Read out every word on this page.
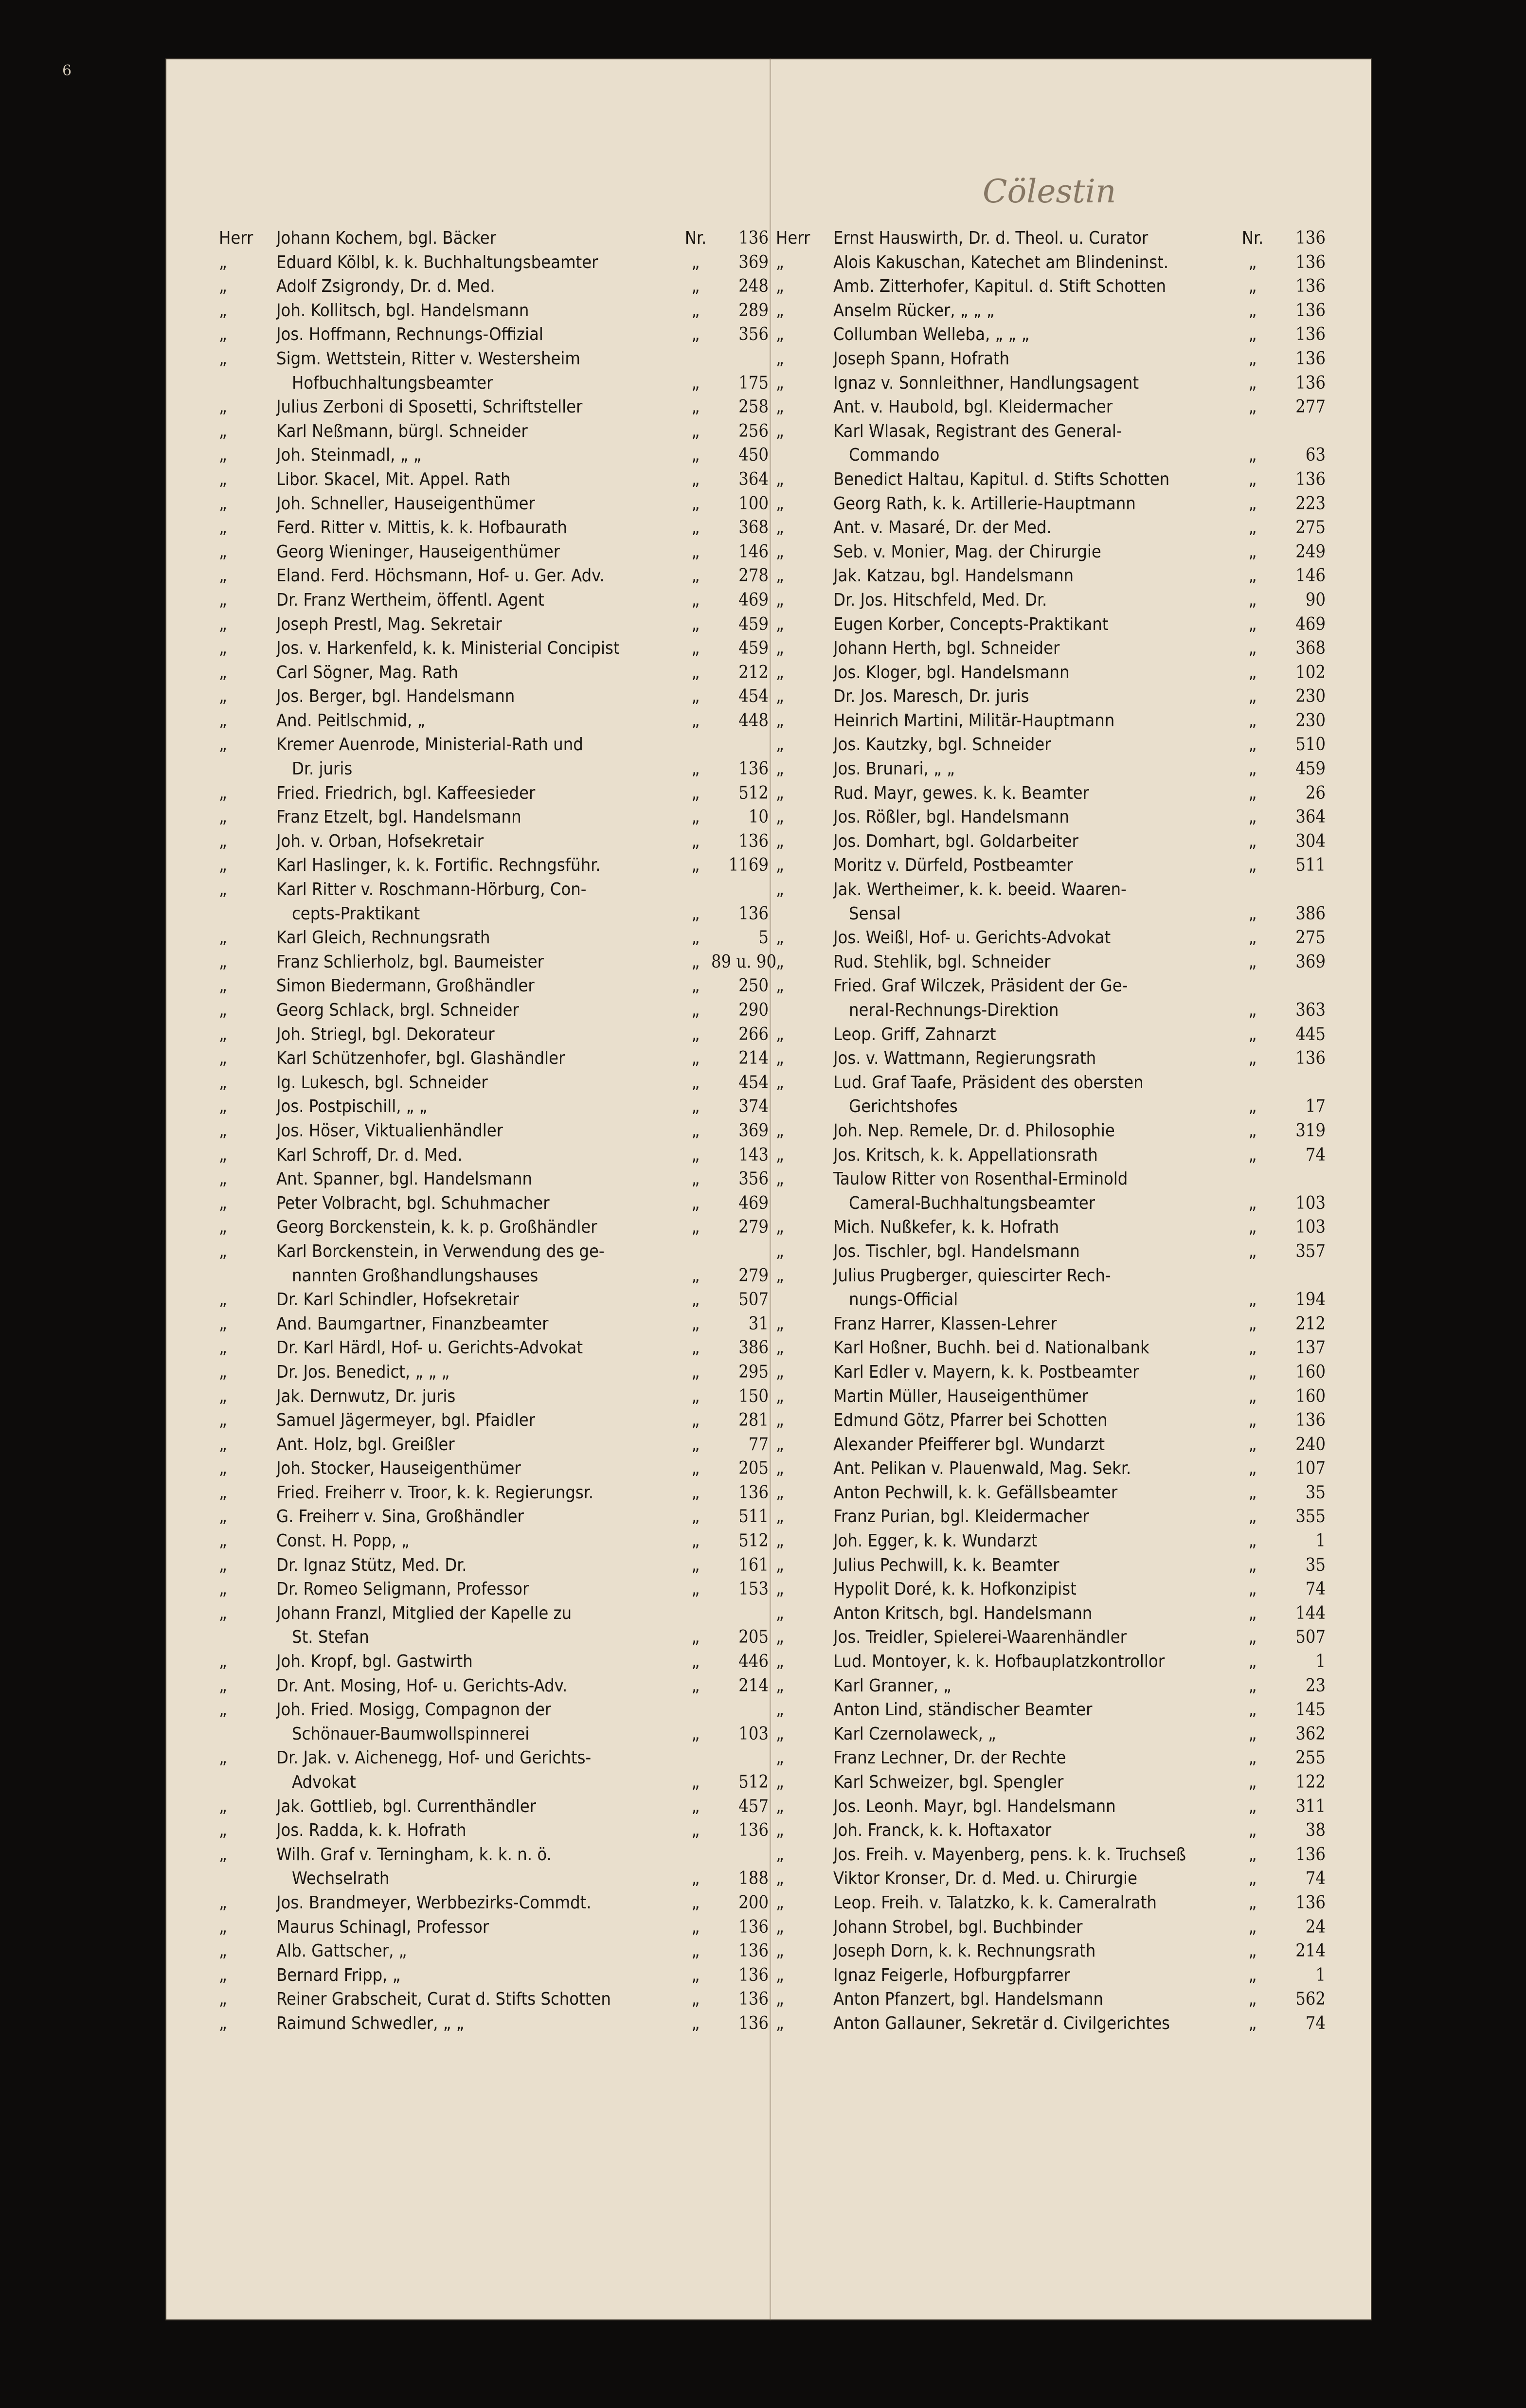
6
Cölestin
Herr	Johann Kochem, bgl. Bäcker	Nr.	136
„	Eduard Kölbl, k. k. Buchhaltungsbeamter	„	369
„	Adolf Zsigrondy, Dr. d. Med.	„	248
„	Joh. Kollitsch, bgl. Handelsmann	„	289
„	Jos. Hoffmann, Rechnungs-Offizial	„	356
„	Sigm. Wettstein, Ritter v. Westersheim
Hofbuchhaltungsbeamter	„	175
„	Julius Zerboni di Sposetti, Schriftsteller	„	258
„	Karl Neßmann, bürgl. Schneider	„	256
„	Joh. Steinmadl, „ „	„	450
„	Libor. Skacel, Mit. Appel. Rath	„	364
„	Joh. Schneller, Hauseigenthümer	„	100
„	Ferd. Ritter v. Mittis, k. k. Hofbaurath	„	368
„	Georg Wieninger, Hauseigenthümer	„	146
„	Eland. Ferd. Höchsmann, Hof- u. Ger. Adv.	„	278
„	Dr. Franz Wertheim, öffentl. Agent	„	469
„	Joseph Prestl, Mag. Sekretair	„	459
„	Jos. v. Harkenfeld, k. k. Ministerial Concipist	„	459
„	Carl Sögner, Mag. Rath	„	212
„	Jos. Berger, bgl. Handelsmann	„	454
„	And. Peitlschmid, „	„	448
„	Kremer Auenrode, Ministerial-Rath und
Dr. juris	„	136
„	Fried. Friedrich, bgl. Kaffeesieder	„	512
„	Franz Etzelt, bgl. Handelsmann	„	10
„	Joh. v. Orban, Hofsekretair	„	136
„	Karl Haslinger, k. k. Fortific. Rechngsführ.	„	1169
„	Karl Ritter v. Roschmann-Hörburg, Con-
cepts-Praktikant	„	136
„	Karl Gleich, Rechnungsrath	„	5
„	Franz Schlierholz, bgl. Baumeister	„ 89 u. 90
„	Simon Biedermann, Großhändler	„	250
„	Georg Schlack, brgl. Schneider	„	290
„	Joh. Striegl, bgl. Dekorateur	„	266
„	Karl Schützenhofer, bgl. Glashändler	„	214
„	Ig. Lukesch, bgl. Schneider	„	454
„	Jos. Postpischill, „ „	„	374
„	Jos. Höser, Viktualienhändler	„	369
„	Karl Schroff, Dr. d. Med.	„	143
„	Ant. Spanner, bgl. Handelsmann	„	356
„	Peter Volbracht, bgl. Schuhmacher	„	469
„	Georg Borckenstein, k. k. p. Großhändler	„	279
„	Karl Borckenstein, in Verwendung des ge-
nannten Großhandlungshauses	„	279
„	Dr. Karl Schindler, Hofsekretair	„	507
„	And. Baumgartner, Finanzbeamter	„	31
„	Dr. Karl Härdl, Hof- u. Gerichts-Advokat	„	386
„	Dr. Jos. Benedict, „ „ „	„	295
„	Jak. Dernwutz, Dr. juris	„	150
„	Samuel Jägermeyer, bgl. Pfaidler	„	281
„	Ant. Holz, bgl. Greißler	„	77
„	Joh. Stocker, Hauseigenthümer	„	205
„	Fried. Freiherr v. Troor, k. k. Regierungsr.	„	136
„	G. Freiherr v. Sina, Großhändler	„	511
„	Const. H. Popp, „	„	512
„	Dr. Ignaz Stütz, Med. Dr.	„	161
„	Dr. Romeo Seligmann, Professor	„	153
„	Johann Franzl, Mitglied der Kapelle zu
St. Stefan	„	205
„	Joh. Kropf, bgl. Gastwirth	„	446
„	Dr. Ant. Mosing, Hof- u. Gerichts-Adv.	„	214
„	Joh. Fried. Mosigg, Compagnon der
Schönauer-Baumwollspinnerei	„	103
„	Dr. Jak. v. Aichenegg, Hof- und Gerichts-
Advokat	„	512
„	Jak. Gottlieb, bgl. Currenthändler	„	457
„	Jos. Radda, k. k. Hofrath	„	136
„	Wilh. Graf v. Terningham, k. k. n. ö.
Wechselrath	„	188
„	Jos. Brandmeyer, Werbbezirks-Commdt.	„	200
„	Maurus Schinagl, Professor	„	136
„	Alb. Gattscher, „	„	136
„	Bernard Fripp, „	„	136
„	Reiner Grabscheit, Curat d. Stifts Schotten	„	136
„	Raimund Schwedler, „ „	„	136
Herr	Ernst Hauswirth, Dr. d. Theol. u. Curator	Nr.	136
„	Alois Kakuschan, Katechet am Blindeninst.	„	136
„	Amb. Zitterhofer, Kapitul. d. Stift Schotten	„	136
„	Anselm Rücker, „ „ „	„	136
„	Collumban Welleba, „ „ „	„	136
„	Joseph Spann, Hofrath	„	136
„	Ignaz v. Sonnleithner, Handlungsagent	„	136
„	Ant. v. Haubold, bgl. Kleidermacher	„	277
„	Karl Wlasak, Registrant des General-
Commando	„	63
„	Benedict Haltau, Kapitul. d. Stifts Schotten	„	136
„	Georg Rath, k. k. Artillerie-Hauptmann	„	223
„	Ant. v. Masaré, Dr. der Med.	„	275
„	Seb. v. Monier, Mag. der Chirurgie	„	249
„	Jak. Katzau, bgl. Handelsmann	„	146
„	Dr. Jos. Hitschfeld, Med. Dr.	„	90
„	Eugen Korber, Concepts-Praktikant	„	469
„	Johann Herth, bgl. Schneider	„	368
„	Jos. Kloger, bgl. Handelsmann	„	102
„	Dr. Jos. Maresch, Dr. juris	„	230
„	Heinrich Martini, Militär-Hauptmann	„	230
„	Jos. Kautzky, bgl. Schneider	„	510
„	Jos. Brunari, „ „	„	459
„	Rud. Mayr, gewes. k. k. Beamter	„	26
„	Jos. Rößler, bgl. Handelsmann	„	364
„	Jos. Domhart, bgl. Goldarbeiter	„	304
„	Moritz v. Dürfeld, Postbeamter	„	511
„	Jak. Wertheimer, k. k. beeid. Waaren-
Sensal	„	386
„	Jos. Weißl, Hof- u. Gerichts-Advokat	„	275
„	Rud. Stehlik, bgl. Schneider	„	369
„	Fried. Graf Wilczek, Präsident der Ge-
neral-Rechnungs-Direktion	„	363
„	Leop. Griff, Zahnarzt	„	445
„	Jos. v. Wattmann, Regierungsrath	„	136
„	Lud. Graf Taafe, Präsident des obersten
Gerichtshofes	„	17
„	Joh. Nep. Remele, Dr. d. Philosophie	„	319
„	Jos. Kritsch, k. k. Appellationsrath	„	74
„	Taulow Ritter von Rosenthal-Erminold
Cameral-Buchhaltungsbeamter	„	103
„	Mich. Nußkefer, k. k. Hofrath	„	103
„	Jos. Tischler, bgl. Handelsmann	„	357
„	Julius Prugberger, quiescirter Rech-
nungs-Official	„	194
„	Franz Harrer, Klassen-Lehrer	„	212
„	Karl Hoßner, Buchh. bei d. Nationalbank	„	137
„	Karl Edler v. Mayern, k. k. Postbeamter	„	160
„	Martin Müller, Hauseigenthümer	„	160
„	Edmund Götz, Pfarrer bei Schotten	„	136
„	Alexander Pfeifferer bgl. Wundarzt	„	240
„	Ant. Pelikan v. Plauenwald, Mag. Sekr.	„	107
„	Anton Pechwill, k. k. Gefällsbeamter	„	35
„	Franz Purian, bgl. Kleidermacher	„	355
„	Joh. Egger, k. k. Wundarzt	„	1
„	Julius Pechwill, k. k. Beamter	„	35
„	Hypolit Doré, k. k. Hofkonzipist	„	74
„	Anton Kritsch, bgl. Handelsmann	„	144
„	Jos. Treidler, Spielerei-Waarenhändler	„	507
„	Lud. Montoyer, k. k. Hofbauplatzkontrollor	„	1
„	Karl Granner, „	„	23
„	Anton Lind, ständischer Beamter	„	145
„	Karl Czernolaweck, „	„	362
„	Franz Lechner, Dr. der Rechte	„	255
„	Karl Schweizer, bgl. Spengler	„	122
„	Jos. Leonh. Mayr, bgl. Handelsmann	„	311
„	Joh. Franck, k. k. Hoftaxator	„	38
„	Jos. Freih. v. Mayenberg, pens. k. k. Truchseß	„	136
„	Viktor Kronser, Dr. d. Med. u. Chirurgie	„	74
„	Leop. Freih. v. Talatzko, k. k. Cameralrath	„	136
„	Johann Strobel, bgl. Buchbinder	„	24
„	Joseph Dorn, k. k. Rechnungsrath	„	214
„	Ignaz Feigerle, Hofburgpfarrer	„	1
„	Anton Pfanzert, bgl. Handelsmann	„	562
„	Anton Gallauner, Sekretär d. Civilgerichtes	„	74
